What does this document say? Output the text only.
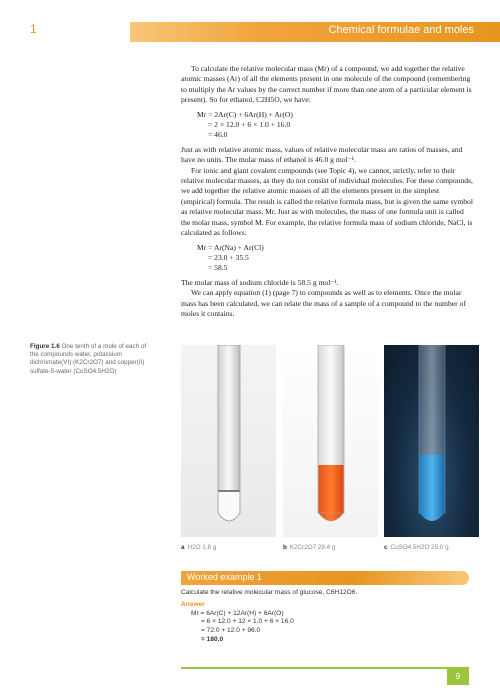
1	Chemical formulae and moles

To calculate the relative molecular mass (Mr) of a compound, we add together the relative atomic masses (Ar) of all the elements present in one molecule of the compound (remembering to multiply the Ar values by the correct number if more than one atom of a particular element is present). So for ethanol, C2H5O, we have:

Mr = 2Ar(C) + 6Ar(H) + Ar(O)
= 2 × 12.0 + 6 × 1.0 + 16.0
= 46.0

Just as with relative atomic mass, values of relative molecular mass are ratios of masses, and have no units. The molar mass of ethanol is 46.0 g mol⁻¹.

For ionic and giant covalent compounds (see Topic 4), we cannot, strictly, refer to their relative molecular masses, as they do not consist of individual molecules. For these compounds, we add together the relative atomic masses of all the elements present in the simplest (empirical) formula. The result is called the relative formula mass, but is given the same symbol as relative molecular mass, Mr. Just as with molecules, the mass of one formula unit is called the molar mass, symbol M. For example, the relative formula mass of sodium chloride, NaCl, is calculated as follows:

Mr = Ar(Na) + Ar(Cl)
= 23.0 + 35.5
= 58.5

The molar mass of sodium chloride is 58.5 g mol⁻¹.

We can apply equation (1) (page 7) to compounds as well as to elements. Once the molar mass has been calculated, we can relate the mass of a sample of a compound to the number of moles it contains.

Figure 1.6 One tenth of a mole of each of the compounds water, potassium dichromate(VI) (K2Cr2O7) and copper(II) sulfate-5-water (CuSO4.5H2O)
a H2O 1.8 g	b K2Cr2O7 29.4 g	c CuSO4.5H2O 25.0 g
Worked example 1
Calculate the relative molecular mass of glucose, C6H12O6.
Answer
Mr = 6Ar(C) + 12Ar(H) + 6Ar(O)
= 6 × 12.0 + 12 × 1.0 + 6 × 16.0
= 72.0 + 12.0 + 96.0
= 180.0
9
